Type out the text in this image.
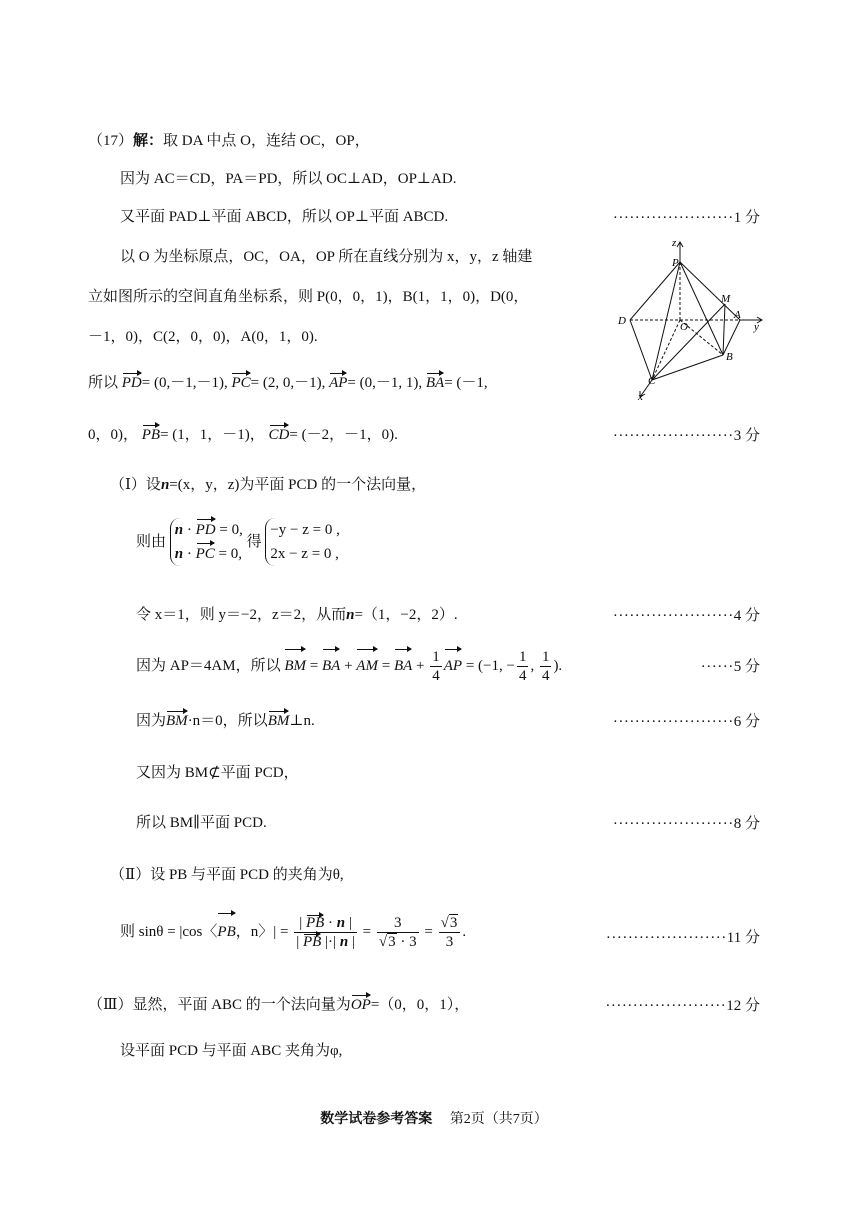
（17）解：取 DA 中点 O，连结 OC，OP，
因为 AC＝CD，PA＝PD，所以 OC⊥AD，OP⊥AD.
又平面 PAD⊥平面 ABCD，所以 OP⊥平面 ABCD.	······················1 分
以 O 为坐标原点，OC，OA，OP 所在直线分别为 x，y，z 轴建
立如图所示的空间直角坐标系，则 P(0，0，1)，B(1，1，0)，D(0，
－1，0)，C(2，0，0)，A(0，1，0).
z
P
M
D	O
A
y
B
C
x
所以 PD= (0,－1,－1), PC= (2, 0,－1), AP= (0,－1, 1), BA= (－1,
0，0)， PB= (1，1，－1)， CD= (－2，－1，0).	······················3 分
（Ⅰ）设n=(x，y，z)为平面 PCD 的一个法向量，
则由
n · PD = 0,
n · PC = 0,
得
−y − z = 0 ,
2x − z = 0 ,
令 x＝1，则 y＝−2，z＝2，从而n=（1，−2，2）.	······················4 分
因为 AP＝4AM，所以 BM = BA + AM = BA + $\frac{1}{4}$ AP = (−1, − $\frac{1}{4}$ , $\frac{1}{4}$ ).	······5 分
因为BM·n＝0，所以BM⊥n.	······················6 分
又因为 BM⊄平面 PCD，
所以 BM∥平面 PCD.	······················8 分
（Ⅱ）设 PB 与平面 PCD 的夹角为θ,
则 sinθ = |cos〈PB，n〉| = $\frac{| PB \cdot n |}{| PB |\cdot| n |} = \frac{3}{√3 \cdot 3} = \frac{√3}{3}$ .	······················11 分
（Ⅲ）显然，平面 ABC 的一个法向量为OP=（0，0，1），	······················12 分
设平面 PCD 与平面 ABC 夹角为φ,
数学试卷参考答案 第2页（共7页）
